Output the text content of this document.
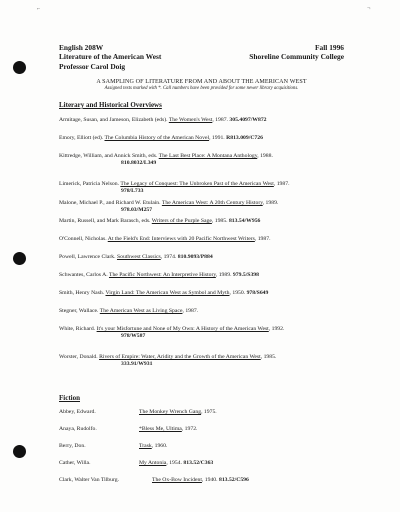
⌐	¬
English 208W
Literature of the American West
Professor Carol Doig
Fall 1996
Shoreline Community College
A SAMPLING OF LITERATURE FROM AND ABOUT THE AMERICAN WEST
Assigned texts marked with *. Call numbers have been provided for some newer library acquisitions.
Literary and Historical Overviews
Armitage, Susan, and Jameson, Elizabeth (eds). The Women's West, 1987. 305.4097/W872
Emory, Elliott (ed). The Columbia History of the American Novel, 1991. R813.009/C726
Kittredge, William, and Annick Smith, eds. The Last Best Place: A Montana Anthology, 1988.
810.8032/L349
Limerick, Patricia Nelson. The Legacy of Conquest: The Unbroken Past of the American West, 1987.
978/L733
Malone, Michael P., and Richard W. Etulain. The American West: A 20th Century History, 1989.
978.03/M257
Martin, Russell, and Mark Barasch, eds. Writers of the Purple Sage, 1985. 813.54/W956
O'Connell, Nicholas. At the Field's End: Interviews with 20 Pacific Northwest Writers, 1987.
Powell, Lawrence Clark. Southwest Classics, 1974. 810.9093/P884
Schwantes, Carlos A. The Pacific Northwest: An Interpretive History, 1989. 979.5/S398
Smith, Henry Nash. Virgin Land: The American West as Symbol and Myth, 1950. 978/S649
Stegner, Wallace. The American West as Living Space, 1987.
White, Richard. It's your Misfortune and None of My Own: A History of the American West, 1992.
978/W587
Worster, Donald. Rivers of Empire: Water, Aridity and the Growth of the American West, 1985.
333.91/W931
Fiction
Abbey, Edward.	The Monkey Wrench Gang, 1975.
Anaya, Rudolfo.	*Bless Me, Ultima, 1972.
Berry, Don.	Trask, 1960.
Cather, Willa.	My Antonia, 1954. 813.52/C363
Clark, Walter Van Tilburg.	The Ox-Bow Incident, 1940. 813.52/C596
